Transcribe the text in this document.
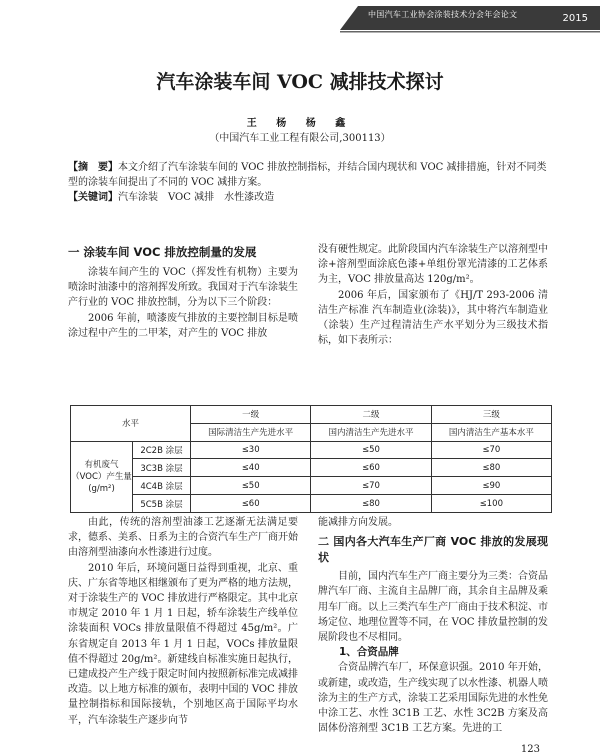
中国汽车工业协会涂装技术分会年会论文	2015
汽车涂装车间 VOC 减排技术探讨
王 杨 杨 鑫
（中国汽车工业工程有限公司,300113）

【摘　要】本文介绍了汽车涂装车间的 VOC 排放控制指标，并结合国内现状和 VOC 减排措施，针对不同类型的涂装车间提出了不同的 VOC 减排方案。

【关键词】汽车涂装　VOC 减排　水性漆改造

一 涂装车间 VOC 排放控制量的发展

涂装车间产生的 VOC（挥发性有机物）主要为喷涂时油漆中的溶剂挥发所致。我国对于汽车涂装生产行业的 VOC 排放控制，分为以下三个阶段：

2006 年前，喷漆废气排放的主要控制目标是喷涂过程中产生的二甲苯，对产生的 VOC 排放

没有硬性规定。此阶段国内汽车涂装生产以溶剂型中涂+溶剂型面涂底色漆+单组份罩光清漆的工艺体系为主，VOC 排放量高达 120g/m²。

2006 年后，国家颁布了《HJ/T 293-2006 清洁生产标准 汽车制造业(涂装)》，其中将汽车制造业（涂装）生产过程清洁生产水平划分为三级技术指标，如下表所示：

水平		一级	二级	三级
		国际清洁生产先进水平	国内清洁生产先进水平	国内清洁生产基本水平
有机废气（VOC）产生量(g/m²)	2C2B 涂层	≤30	≤50	≤70
	3C3B 涂层	≤40	≤60	≤80
	4C4B 涂层	≤50	≤70	≤90
	5C5B 涂层	≤60	≤80	≤100

由此，传统的溶剂型油漆工艺逐渐无法满足要求，德系、美系、日系为主的合资汽车生产厂商开始由溶剂型油漆向水性漆进行过度。

2010 年后，环境问题日益得到重视，北京、重庆、广东省等地区相继颁布了更为严格的地方法规，对于涂装生产的 VOC 排放进行严格限定。其中北京市规定 2010 年 1 月 1 日起，轿车涂装生产线单位涂装面积 VOCs 排放量限值不得超过 45g/m²。广东省规定自 2013 年 1 月 1 日起，VOCs 排放量限值不得超过 20g/m²。新建线自标准实施日起执行，已建成投产生产线于限定时间内按照新标准完成减排改造。以上地方标准的颁布，表明中国的 VOC 排放量控制指标和国际接轨，个别地区高于国际平均水平，汽车涂装生产逐步向节

能减排方向发展。

二 国内各大汽车生产厂商 VOC 排放的发展现状

目前，国内汽车生产厂商主要分为三类：合资品牌汽车厂商、主流自主品牌厂商，其余自主品牌及乘用车厂商。以上三类汽车生产厂商由于技术积淀、市场定位、地理位置等不同，在 VOC 排放量控制的发展阶段也不尽相同。

1、合资品牌

合资品牌汽车厂，环保意识强。2010 年开始，或新建，或改造，生产线实现了以水性漆、机器人喷涂为主的生产方式，涂装工艺采用国际先进的水性免中涂工艺、水性 3C1B 工艺、水性 3C2B 方案及高固体份溶剂型 3C1B 工艺方案。先进的工

123
